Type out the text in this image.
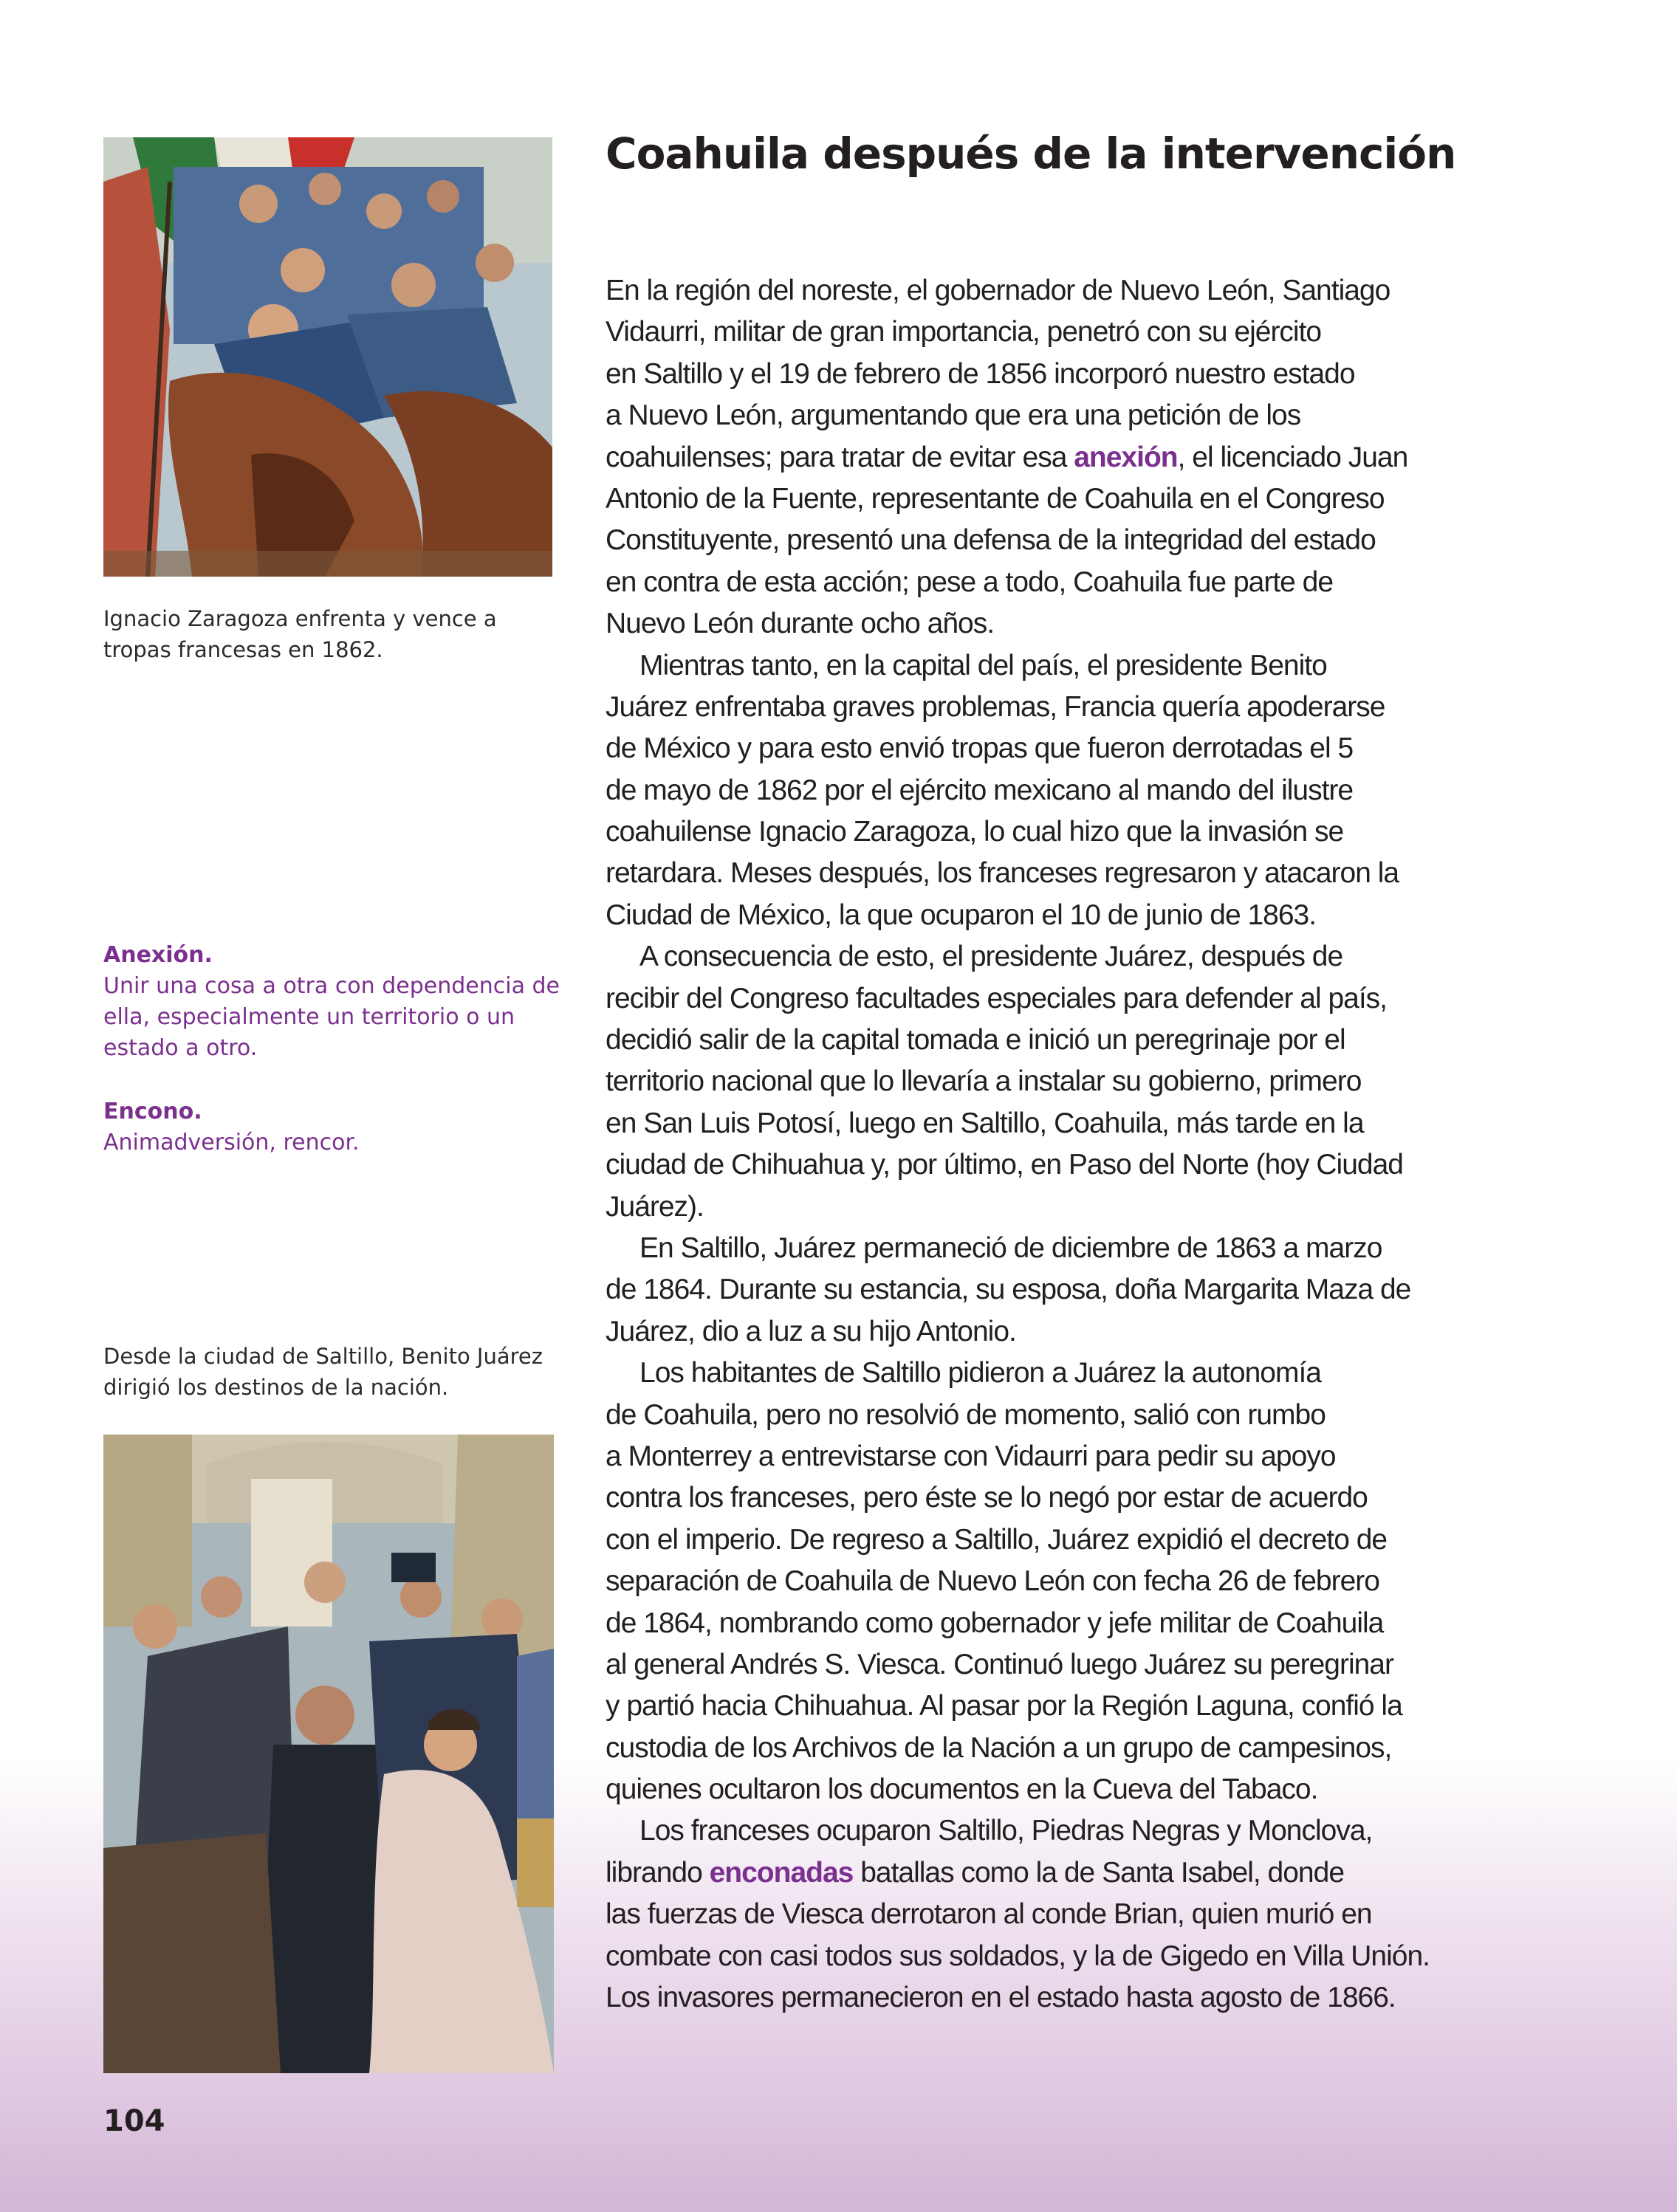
Ignacio Zaragoza enfrenta y vence a tropas francesas en 1862.
Anexión.
Unir una cosa a otra con dependencia de ella, especialmente un territorio o un estado a otro.
Encono.
Animadversión, rencor.
Desde la ciudad de Saltillo, Benito Juárez dirigió los destinos de la nación.
Coahuila después de la intervención
En la región del noreste, el gobernador de Nuevo León, Santiago
Vidaurri, militar de gran importancia, penetró con su ejército
en Saltillo y el 19 de febrero de 1856 incorporó nuestro estado
a Nuevo León, argumentando que era una petición de los
coahuilenses; para tratar de evitar esa anexión, el licenciado Juan
Antonio de la Fuente, representante de Coahuila en el Congreso
Constituyente, presentó una defensa de la integridad del estado
en contra de esta acción; pese a todo, Coahuila fue parte de
Nuevo León durante ocho años.
Mientras tanto, en la capital del país, el presidente Benito
Juárez enfrentaba graves problemas, Francia quería apoderarse
de México y para esto envió tropas que fueron derrotadas el 5
de mayo de 1862 por el ejército mexicano al mando del ilustre
coahuilense Ignacio Zaragoza, lo cual hizo que la invasión se
retardara. Meses después, los franceses regresaron y atacaron la
Ciudad de México, la que ocuparon el 10 de junio de 1863.
A consecuencia de esto, el presidente Juárez, después de
recibir del Congreso facultades especiales para defender al país,
decidió salir de la capital tomada e inició un peregrinaje por el
territorio nacional que lo llevaría a instalar su gobierno, primero
en San Luis Potosí, luego en Saltillo, Coahuila, más tarde en la
ciudad de Chihuahua y, por último, en Paso del Norte (hoy Ciudad
Juárez).
En Saltillo, Juárez permaneció de diciembre de 1863 a marzo
de 1864. Durante su estancia, su esposa, doña Margarita Maza de
Juárez, dio a luz a su hijo Antonio.
Los habitantes de Saltillo pidieron a Juárez la autonomía
de Coahuila, pero no resolvió de momento, salió con rumbo
a Monterrey a entrevistarse con Vidaurri para pedir su apoyo
contra los franceses, pero éste se lo negó por estar de acuerdo
con el imperio. De regreso a Saltillo, Juárez expidió el decreto de
separación de Coahuila de Nuevo León con fecha 26 de febrero
de 1864, nombrando como gobernador y jefe militar de Coahuila
al general Andrés S. Viesca. Continuó luego Juárez su peregrinar
y partió hacia Chihuahua. Al pasar por la Región Laguna, confió la
custodia de los Archivos de la Nación a un grupo de campesinos,
quienes ocultaron los documentos en la Cueva del Tabaco.
Los franceses ocuparon Saltillo, Piedras Negras y Monclova,
librando enconadas batallas como la de Santa Isabel, donde
las fuerzas de Viesca derrotaron al conde Brian, quien murió en
combate con casi todos sus soldados, y la de Gigedo en Villa Unión.
Los invasores permanecieron en el estado hasta agosto de 1866.
104
